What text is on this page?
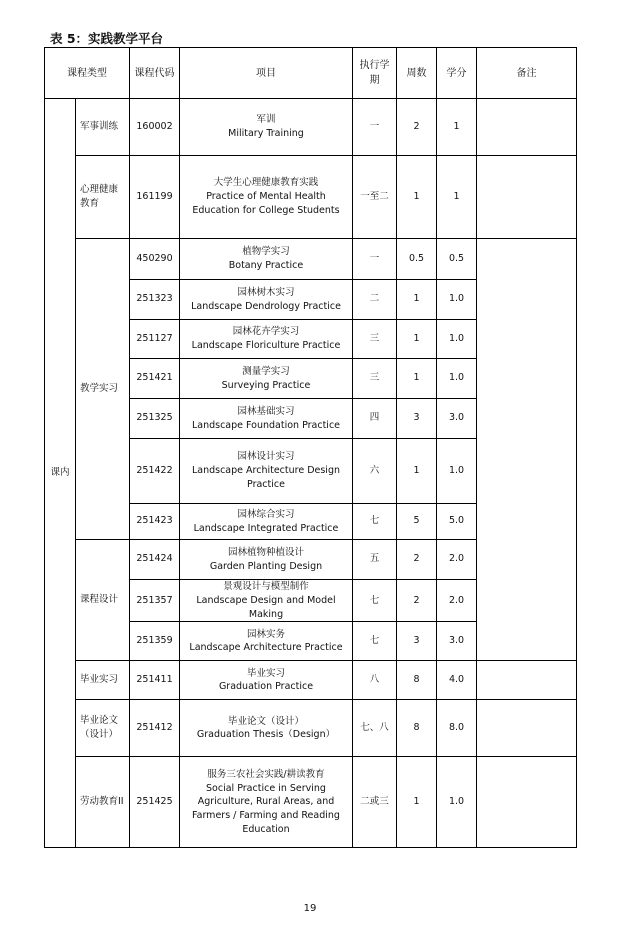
表 5：实践教学平台
课程类型		课程代码	项目	执行学期	周数	学分	备注
课内	军事训练	160002	军训
Military Training	一	2	1	
	心理健康教育	161199	大学生心理健康教育实践
Practice of Mental Health Education for College Students	一至二	1	1	
	教学实习	450290	植物学实习
Botany Practice	一	0.5	0.5	
		251323	园林树木实习
Landscape Dendrology Practice	二	1	1.0	
		251127	园林花卉学实习
Landscape Floriculture Practice	三	1	1.0	
		251421	测量学实习
Surveying Practice	三	1	1.0	
		251325	园林基础实习
Landscape Foundation Practice	四	3	3.0	
		251422	园林设计实习
Landscape Architecture Design Practice	六	1	1.0	
		251423	园林综合实习
Landscape Integrated Practice	七	5	5.0	
	课程设计	251424	园林植物种植设计
Garden Planting Design	五	2	2.0	
		251357	景观设计与模型制作
Landscape Design and Model Making	七	2	2.0	
		251359	园林实务
Landscape Architecture Practice	七	3	3.0	
	毕业实习	251411	毕业实习
Graduation Practice	八	8	4.0	
	毕业论文（设计）	251412	毕业论文（设计）
Graduation Thesis（Design）	七、八	8	8.0	
	劳动教育II	251425	服务三农社会实践/耕读教育
Social Practice in Serving Agriculture, Rural Areas, and Farmers / Farming and Reading Education	二或三	1	1.0	
19
